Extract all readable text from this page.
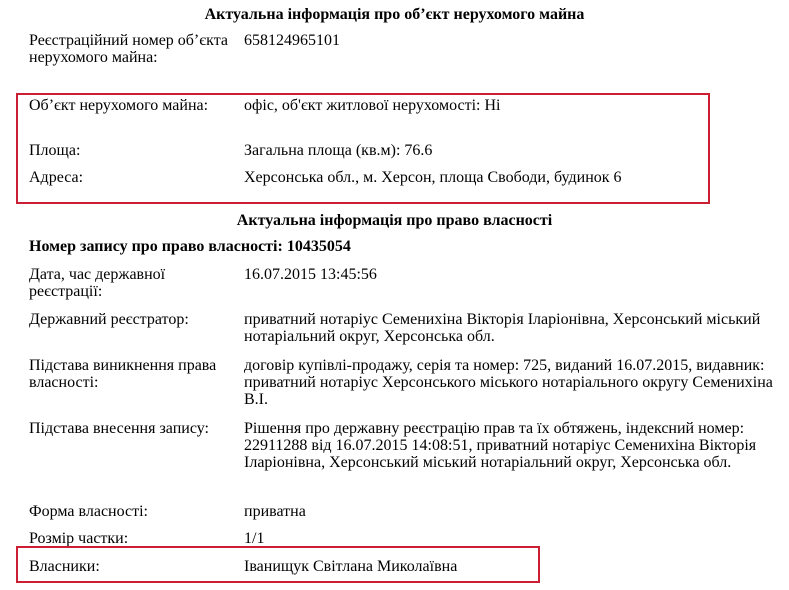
Актуальна інформація про об’єкт нерухомого майна
Реєстраційний номер об’єкта нерухомого майна:
658124965101
Об’єкт нерухомого майна:	офіс, об'єкт житлової нерухомості: Ні
Площа:	Загальна площа (кв.м): 76.6
Адреса:	Херсонська обл., м. Херсон, площа Свободи, будинок 6
Актуальна інформація про право власності
Номер запису про право власності: 10435054
Дата, час державної реєстрації:
16.07.2015 13:45:56
Державний реєстратор:	приватний нотаріус Семенихіна Вікторія Іларіонівна, Херсонський міський нотаріальний округ, Херсонська обл.
Підстава виникнення права власності:
договір купівлі-продажу, серія та номер: 725, виданий 16.07.2015, видавник: приватний нотаріус Херсонського міського нотаріального округу Семенихіна В.І.
Підстава внесення запису:	Рішення про державну реєстрацію прав та їх обтяжень, індексний номер: 22911288 від 16.07.2015 14:08:51, приватний нотаріус Семенихіна Вікторія Іларіонівна, Херсонський міський нотаріальний округ, Херсонська обл.
Форма власності:	приватна
Розмір частки:	1/1
Власники:	Іванищук Світлана Миколаївна
